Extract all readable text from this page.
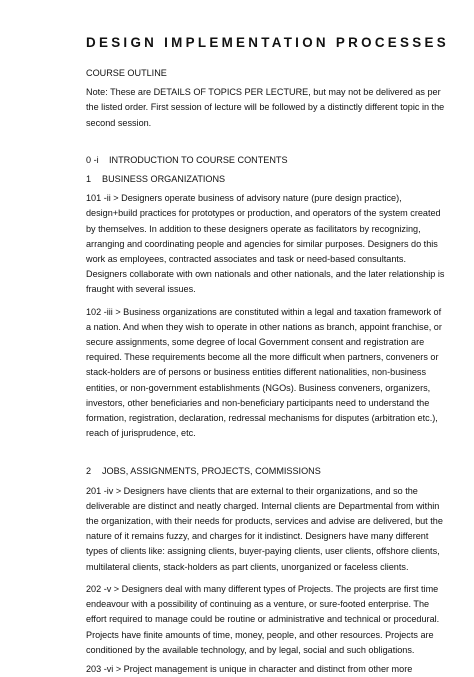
DESIGN IMPLEMENTATION PROCESSES

COURSE OUTLINE

Note: These are DETAILS OF TOPICS PER LECTURE, but may not be delivered as per the listed order. First session of lecture will be followed by a distinctly different topic in the second session.

0 -i INTRODUCTION TO COURSE CONTENTS

1 BUSINESS ORGANIZATIONS

101 -ii > Designers operate business of advisory nature (pure design practice), design+build practices for prototypes or production, and operators of the system created by themselves. In addition to these designers operate as facilitators by recognizing, arranging and coordinating people and agencies for similar purposes. Designers do this work as employees, contracted associates and task or need-based consultants. Designers collaborate with own nationals and other nationals, and the later relationship is fraught with several issues.

102 -iii > Business organizations are constituted within a legal and taxation framework of a nation. And when they wish to operate in other nations as branch, appoint franchise, or secure assignments, some degree of local Government consent and registration are required. These requirements become all the more difficult when partners, conveners or stack-holders are of persons or business entities different nationalities, non-business entities, or non-government establishments (NGOs). Business conveners, organizers, investors, other beneficiaries and non-beneficiary participants need to understand the formation, registration, declaration, redressal mechanisms for disputes (arbitration etc.), reach of jurisprudence, etc.

2 JOBS, ASSIGNMENTS, PROJECTS, COMMISSIONS

201 -iv > Designers have clients that are external to their organizations, and so the deliverable are distinct and neatly charged. Internal clients are Departmental from within the organization, with their needs for products, services and advise are delivered, but the nature of it remains fuzzy, and charges for it indistinct. Designers have many different types of clients like: assigning clients, buyer-paying clients, user clients, offshore clients, multilateral clients, stack-holders as part clients, unorganized or faceless clients.

202 -v > Designers deal with many different types of Projects. The projects are first time endeavour with a possibility of continuing as a venture, or sure-footed enterprise. The effort required to manage could be routine or administrative and technical or procedural. Projects have finite amounts of time, money, people, and other resources. Projects are conditioned by the available technology, and by legal, social and such obligations.

203 -vi > Project management is unique in character and distinct from other more
